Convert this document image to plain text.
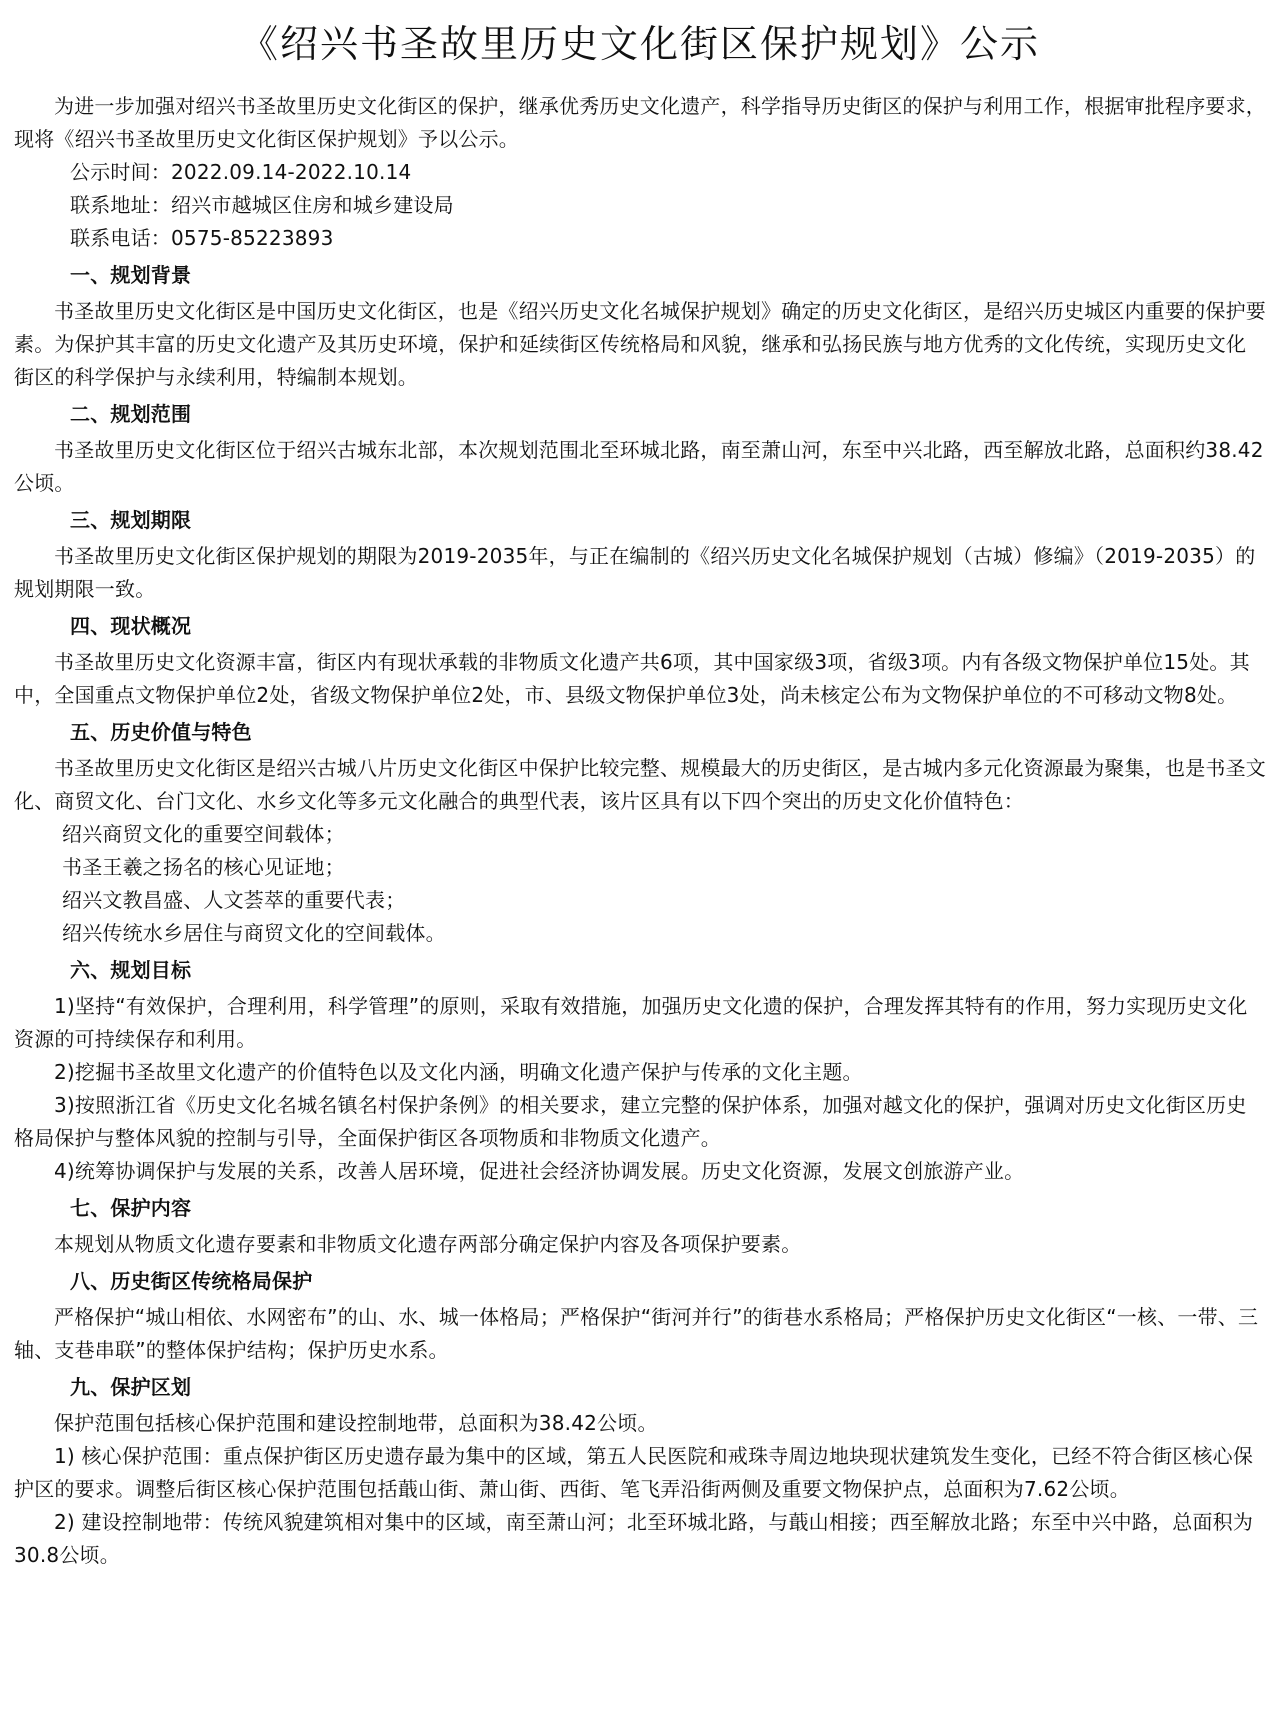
《绍兴书圣故里历史文化街区保护规划》公示

为进一步加强对绍兴书圣故里历史文化街区的保护，继承优秀历史文化遗产，科学指导历史街区的保护与利用工作，根据审批程序要求，现将《绍兴书圣故里历史文化街区保护规划》予以公示。

公示时间：2022.09.14-2022.10.14

联系地址：绍兴市越城区住房和城乡建设局

联系电话：0575-85223893

一、规划背景

书圣故里历史文化街区是中国历史文化街区，也是《绍兴历史文化名城保护规划》确定的历史文化街区，是绍兴历史城区内重要的保护要素。为保护其丰富的历史文化遗产及其历史环境，保护和延续街区传统格局和风貌，继承和弘扬民族与地方优秀的文化传统，实现历史文化街区的科学保护与永续利用，特编制本规划。

二、规划范围

书圣故里历史文化街区位于绍兴古城东北部，本次规划范围北至环城北路，南至萧山河，东至中兴北路，西至解放北路，总面积约38.42公顷。

三、规划期限

书圣故里历史文化街区保护规划的期限为2019-2035年，与正在编制的《绍兴历史文化名城保护规划（古城）修编》（2019-2035）的规划期限一致。

四、现状概况

书圣故里历史文化资源丰富，街区内有现状承载的非物质文化遗产共6项，其中国家级3项，省级3项。内有各级文物保护单位15处。其中，全国重点文物保护单位2处，省级文物保护单位2处，市、县级文物保护单位3处，尚未核定公布为文物保护单位的不可移动文物8处。

五、历史价值与特色

书圣故里历史文化街区是绍兴古城八片历史文化街区中保护比较完整、规模最大的历史街区，是古城内多元化资源最为聚集，也是书圣文化、商贸文化、台门文化、水乡文化等多元文化融合的典型代表，该片区具有以下四个突出的历史文化价值特色：

绍兴商贸文化的重要空间载体；

书圣王羲之扬名的核心见证地；

绍兴文教昌盛、人文荟萃的重要代表；

绍兴传统水乡居住与商贸文化的空间载体。

六、规划目标

1)坚持“有效保护，合理利用，科学管理”的原则，采取有效措施，加强历史文化遗的保护，合理发挥其特有的作用，努力实现历史文化资源的可持续保存和利用。

2)挖掘书圣故里文化遗产的价值特色以及文化内涵，明确文化遗产保护与传承的文化主题。

3)按照浙江省《历史文化名城名镇名村保护条例》的相关要求，建立完整的保护体系，加强对越文化的保护，强调对历史文化街区历史格局保护与整体风貌的控制与引导，全面保护街区各项物质和非物质文化遗产。

4)统筹协调保护与发展的关系，改善人居环境，促进社会经济协调发展。历史文化资源，发展文创旅游产业。

七、保护内容

本规划从物质文化遗存要素和非物质文化遗存两部分确定保护内容及各项保护要素。

八、历史街区传统格局保护

严格保护“城山相依、水网密布”的山、水、城一体格局；严格保护“街河并行”的街巷水系格局；严格保护历史文化街区“一核、一带、三轴、支巷串联”的整体保护结构；保护历史水系。

九、保护区划

保护范围包括核心保护范围和建设控制地带，总面积为38.42公顷。

1) 核心保护范围：重点保护街区历史遗存最为集中的区域，第五人民医院和戒珠寺周边地块现状建筑发生变化，已经不符合街区核心保护区的要求。调整后街区核心保护范围包括蕺山街、萧山街、西街、笔飞弄沿街两侧及重要文物保护点，总面积为7.62公顷。

2) 建设控制地带：传统风貌建筑相对集中的区域，南至萧山河；北至环城北路，与蕺山相接；西至解放北路；东至中兴中路，总面积为30.8公顷。
